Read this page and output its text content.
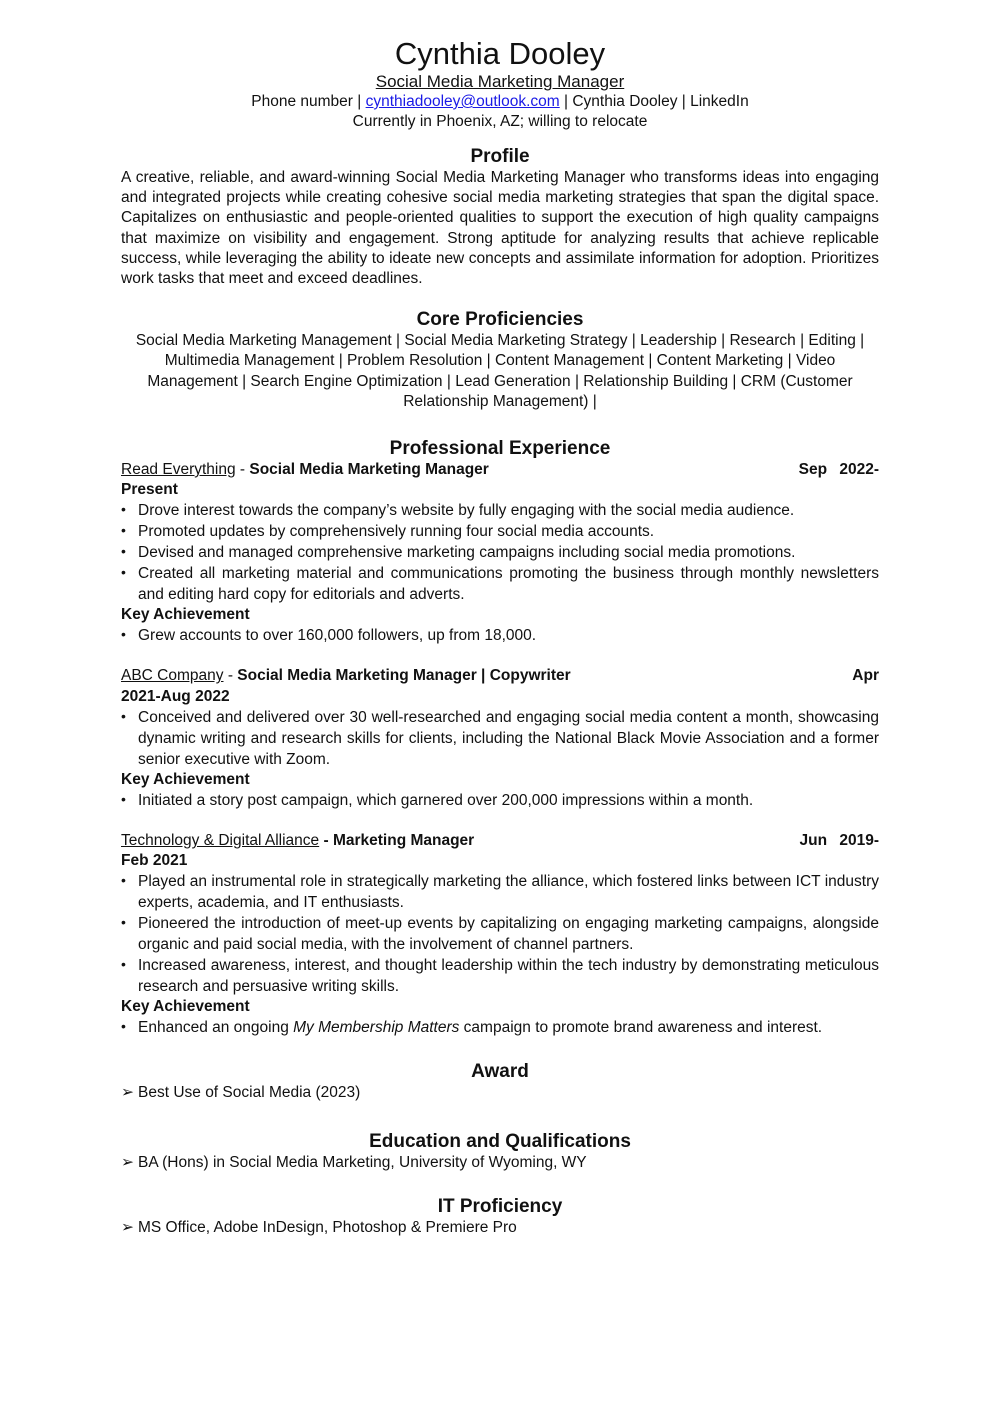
Cynthia Dooley
Social Media Marketing Manager
Phone number | cynthiadooley@outlook.com | Cynthia Dooley | LinkedIn
Currently in Phoenix, AZ; willing to relocate
Profile
A creative, reliable, and award-winning Social Media Marketing Manager who transforms ideas into engaging and integrated projects while creating cohesive social media marketing strategies that span the digital space. Capitalizes on enthusiastic and people-oriented qualities to support the execution of high quality campaigns that maximize on visibility and engagement. Strong aptitude for analyzing results that achieve replicable success, while leveraging the ability to ideate new concepts and assimilate information for adoption. Prioritizes work tasks that meet and exceed deadlines.
Core Proficiencies
Social Media Marketing Management | Social Media Marketing Strategy | Leadership | Research | Editing | Multimedia Management | Problem Resolution | Content Management | Content Marketing | Video Management | Search Engine Optimization | Lead Generation | Relationship Building | CRM (Customer Relationship Management) |
Professional Experience
Read Everything - Social Media Marketing Manager	Sep 2022-
Present
• Drove interest towards the company’s website by fully engaging with the social media audience.
• Promoted updates by comprehensively running four social media accounts.
• Devised and managed comprehensive marketing campaigns including social media promotions.
• Created all marketing material and communications promoting the business through monthly newsletters and editing hard copy for editorials and adverts.
Key Achievement
• Grew accounts to over 160,000 followers, up from 18,000.
ABC Company - Social Media Marketing Manager | Copywriter	Apr
2021-Aug 2022
• Conceived and delivered over 30 well-researched and engaging social media content a month, showcasing dynamic writing and research skills for clients, including the National Black Movie Association and a former senior executive with Zoom.
Key Achievement
• Initiated a story post campaign, which garnered over 200,000 impressions within a month.
Technology & Digital Alliance - Marketing Manager	Jun 2019-
Feb 2021
• Played an instrumental role in strategically marketing the alliance, which fostered links between ICT industry experts, academia, and IT enthusiasts.
• Pioneered the introduction of meet-up events by capitalizing on engaging marketing campaigns, alongside organic and paid social media, with the involvement of channel partners.
• Increased awareness, interest, and thought leadership within the tech industry by demonstrating meticulous research and persuasive writing skills.
Key Achievement
• Enhanced an ongoing My Membership Matters campaign to promote brand awareness and interest.
Award
➢ Best Use of Social Media (2023)
Education and Qualifications
➢ BA (Hons) in Social Media Marketing, University of Wyoming, WY
IT Proficiency
➢ MS Office, Adobe InDesign, Photoshop & Premiere Pro
